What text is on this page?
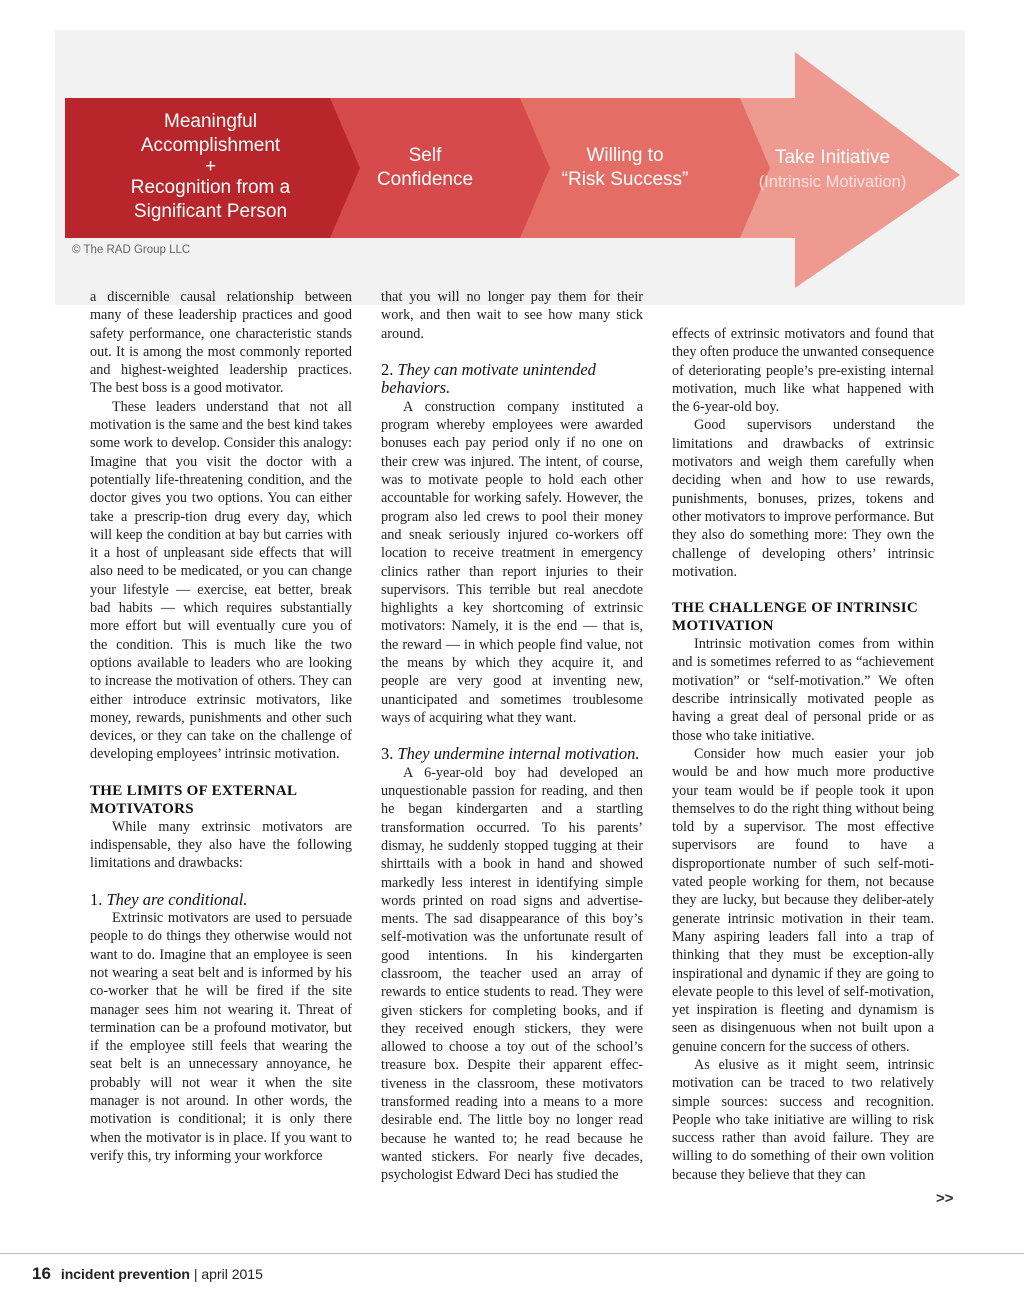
Meaningful
Accomplishment
+
Recognition from a
Significant Person
Self
Confidence
Willing to
“Risk Success”
Take Initiative
(Intrinsic Motivation)
© The RAD Group LLC

a discernible causal relationship between many of these leadership practices and good safety performance, one characteristic stands out. It is among the most commonly reported and highest-weighted leadership practices. The best boss is a good motivator.

These leaders understand that not all motivation is the same and the best kind takes some work to develop. Consider this analogy: Imagine that you visit the doctor with a potentially life-threatening condition, and the doctor gives you two options. You can either take a prescrip-tion drug every day, which will keep the condition at bay but carries with it a host of unpleasant side effects that will also need to be medicated, or you can change your lifestyle — exercise, eat better, break bad habits — which requires substantially more effort but will eventually cure you of the condition. This is much like the two options available to leaders who are looking to increase the motivation of others. They can either introduce extrinsic motivators, like money, rewards, punishments and other such devices, or they can take on the challenge of developing employees’ intrinsic motivation.

THE LIMITS OF EXTERNAL MOTIVATORS

While many extrinsic motivators are indispensable, they also have the following limitations and drawbacks:

1. They are conditional.

Extrinsic motivators are used to persuade people to do things they otherwise would not want to do. Imagine that an employee is seen not wearing a seat belt and is informed by his co-worker that he will be fired if the site manager sees him not wearing it. Threat of termination can be a profound motivator, but if the employee still feels that wearing the seat belt is an unnecessary annoyance, he probably will not wear it when the site manager is not around. In other words, the motivation is conditional; it is only there when the motivator is in place. If you want to verify this, try informing your workforce

that you will no longer pay them for their work, and then wait to see how many stick around.

2. They can motivate unintended behaviors.

A construction company instituted a program whereby employees were awarded bonuses each pay period only if no one on their crew was injured. The intent, of course, was to motivate people to hold each other accountable for working safely. However, the program also led crews to pool their money and sneak seriously injured co-workers off location to receive treatment in emergency clinics rather than report injuries to their supervisors. This terrible but real anecdote highlights a key shortcoming of extrinsic motivators: Namely, it is the end — that is, the reward — in which people find value, not the means by which they acquire it, and people are very good at inventing new, unanticipated and sometimes troublesome ways of acquiring what they want.

3. They undermine internal motivation.

A 6-year-old boy had developed an unquestionable passion for reading, and then he began kindergarten and a startling transformation occurred. To his parents’ dismay, he suddenly stopped tugging at their shirttails with a book in hand and showed markedly less interest in identifying simple words printed on road signs and advertise-ments. The sad disappearance of this boy’s self-motivation was the unfortunate result of good intentions. In his kindergarten classroom, the teacher used an array of rewards to entice students to read. They were given stickers for completing books, and if they received enough stickers, they were allowed to choose a toy out of the school’s treasure box. Despite their apparent effec-tiveness in the classroom, these motivators transformed reading into a means to a more desirable end. The little boy no longer read because he wanted to; he read because he wanted stickers. For nearly five decades, psychologist Edward Deci has studied the

effects of extrinsic motivators and found that they often produce the unwanted consequence of deteriorating people’s pre-existing internal motivation, much like what happened with the 6-year-old boy.

Good supervisors understand the limitations and drawbacks of extrinsic motivators and weigh them carefully when deciding when and how to use rewards, punishments, bonuses, prizes, tokens and other motivators to improve performance. But they also do something more: They own the challenge of developing others’ intrinsic motivation.

THE CHALLENGE OF INTRINSIC MOTIVATION

Intrinsic motivation comes from within and is sometimes referred to as “achievement motivation” or “self-motivation.” We often describe intrinsically motivated people as having a great deal of personal pride or as those who take initiative.

Consider how much easier your job would be and how much more productive your team would be if people took it upon themselves to do the right thing without being told by a supervisor. The most effective supervisors are found to have a disproportionate number of such self-moti-vated people working for them, not because they are lucky, but because they deliber-ately generate intrinsic motivation in their team. Many aspiring leaders fall into a trap of thinking that they must be exception-ally inspirational and dynamic if they are going to elevate people to this level of self-motivation, yet inspiration is fleeting and dynamism is seen as disingenuous when not built upon a genuine concern for the success of others.

As elusive as it might seem, intrinsic motivation can be traced to two relatively simple sources: success and recognition. People who take initiative are willing to risk success rather than avoid failure. They are willing to do something of their own volition because they believe that they can

>>
16 incident prevention | april 2015
